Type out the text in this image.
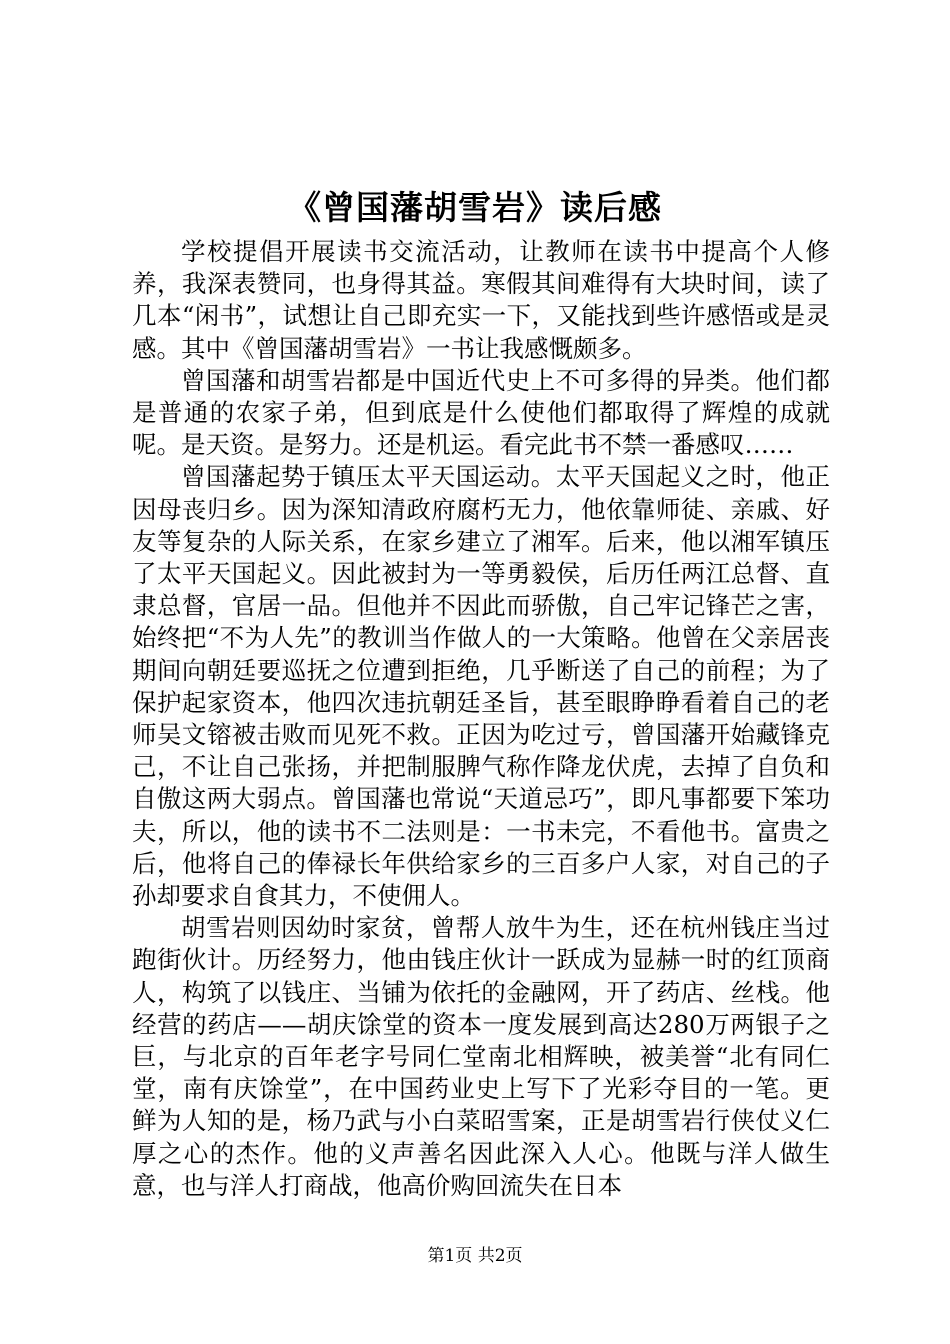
《曾国藩胡雪岩》读后感

学校提倡开展读书交流活动，让教师在读书中提高个人修养，我深表赞同，也身得其益。寒假其间难得有大块时间，读了几本“闲书”，试想让自己即充实一下，又能找到些许感悟或是灵感。其中《曾国藩胡雪岩》一书让我感慨颇多。

曾国藩和胡雪岩都是中国近代史上不可多得的异类。他们都是普通的农家子弟，但到底是什么使他们都取得了辉煌的成就呢。是天资。是努力。还是机运。看完此书不禁一番感叹……

曾国藩起势于镇压太平天国运动。太平天国起义之时，他正因母丧归乡。因为深知清政府腐朽无力，他依靠师徒、亲戚、好友等复杂的人际关系，在家乡建立了湘军。后来，他以湘军镇压了太平天国起义。因此被封为一等勇毅侯，后历任两江总督、直隶总督，官居一品。但他并不因此而骄傲，自己牢记锋芒之害，始终把“不为人先”的教训当作做人的一大策略。他曾在父亲居丧期间向朝廷要巡抚之位遭到拒绝，几乎断送了自己的前程；为了保护起家资本，他四次违抗朝廷圣旨，甚至眼睁睁看着自己的老师吴文镕被击败而见死不救。正因为吃过亏，曾国藩开始藏锋克己，不让自己张扬，并把制服脾气称作降龙伏虎，去掉了自负和自傲这两大弱点。曾国藩也常说“天道忌巧”，即凡事都要下笨功夫，所以，他的读书不二法则是：一书未完，不看他书。富贵之后，他将自己的俸禄长年供给家乡的三百多户人家，对自己的子孙却要求自食其力，不使佣人。

胡雪岩则因幼时家贫，曾帮人放牛为生，还在杭州钱庄当过跑街伙计。历经努力，他由钱庄伙计一跃成为显赫一时的红顶商人，构筑了以钱庄、当铺为依托的金融网，开了药店、丝栈。他经营的药店——胡庆馀堂的资本一度发展到高达280万两银子之巨，与北京的百年老字号同仁堂南北相辉映，被美誉“北有同仁堂，南有庆馀堂”，在中国药业史上写下了光彩夺目的一笔。更鲜为人知的是，杨乃武与小白菜昭雪案，正是胡雪岩行侠仗义仁厚之心的杰作。他的义声善名因此深入人心。他既与洋人做生意，也与洋人打商战，他高价购回流失在日本

第1页 共2页
